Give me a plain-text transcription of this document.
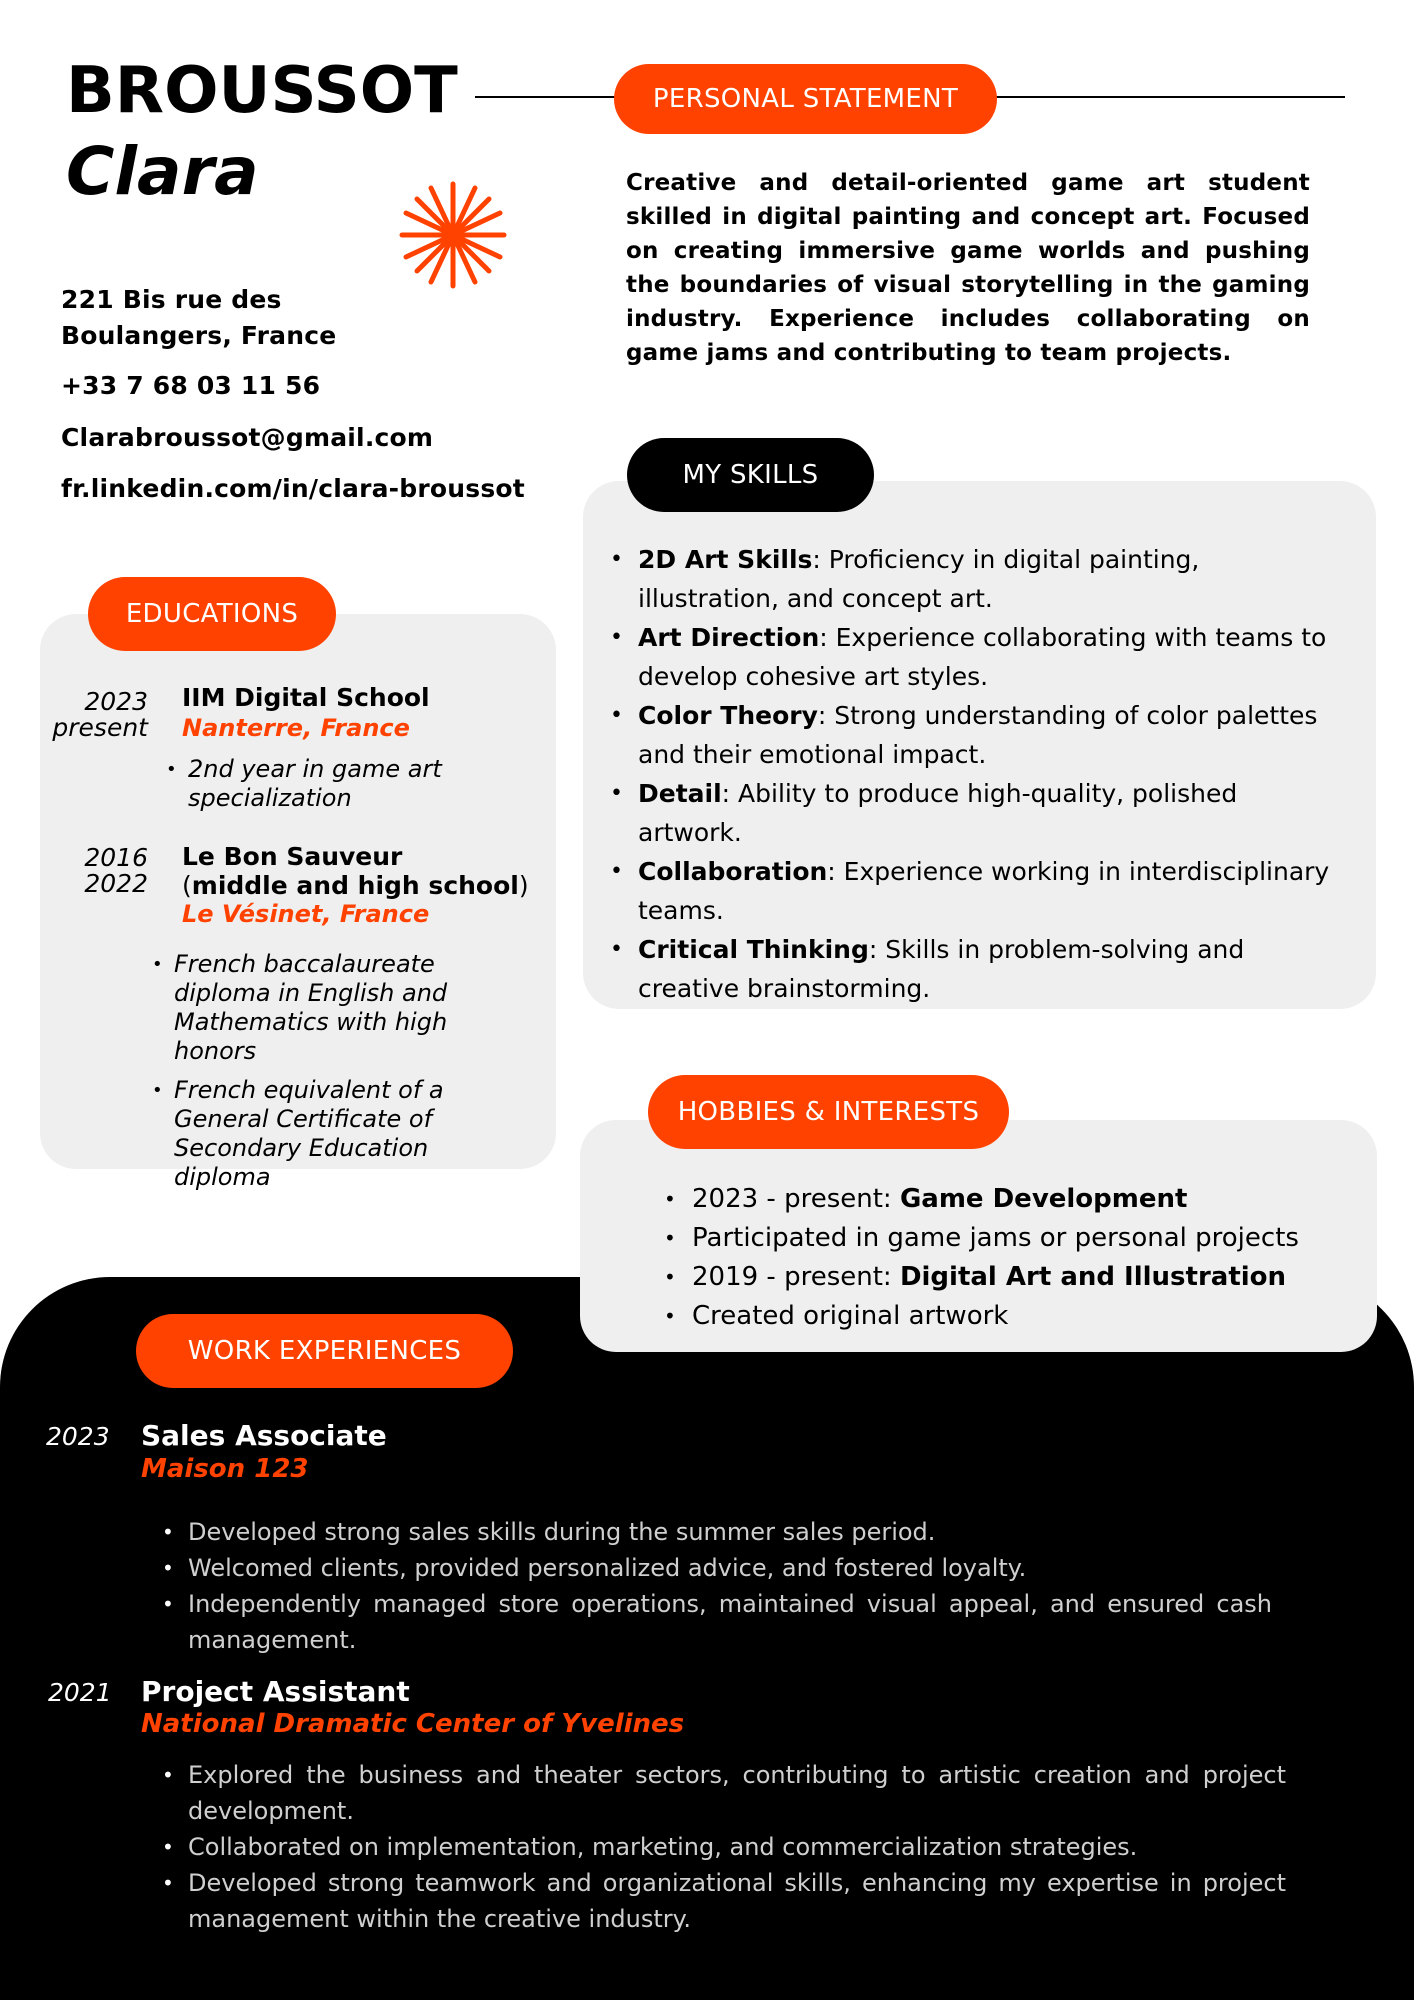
BROUSSOT
Clara
221 Bis rue des Boulangers, France
+33 7 68 03 11 56
Clarabroussot@gmail.com
fr.linkedin.com/in/clara-broussot
PERSONAL STATEMENT
Creative and detail-oriented game art student skilled in digital painting and concept art. Focused on creating immersive game worlds and pushing the boundaries of visual storytelling in the gaming industry. Experience includes collaborating on game jams and contributing to team projects.
MY SKILLS
• 2D Art Skills: Proficiency in digital painting, illustration, and concept art.
• Art Direction: Experience collaborating with teams to develop cohesive art styles.
• Color Theory: Strong understanding of color palettes and their emotional impact.
• Detail: Ability to produce high-quality, polished artwork.
• Collaboration: Experience working in interdisciplinary teams.
• Critical Thinking: Skills in problem-solving and creative brainstorming.
EDUCATIONS
2023
present
IIM Digital School
Nanterre, France
• 2nd year in game art specialization
2016
2022
Le Bon Sauveur
(middle and high school)
Le Vésinet, France
• French baccalaureate diploma in English and Mathematics with high honors
• French equivalent of a General Certificate of Secondary Education diploma
HOBBIES & INTERESTS
• 2023 - present: Game Development
• Participated in game jams or personal projects
• 2019 - present: Digital Art and Illustration
• Created original artwork
WORK EXPERIENCES
2023 Sales Associate
Maison 123
• Developed strong sales skills during the summer sales period.
• Welcomed clients, provided personalized advice, and fostered loyalty.
• Independently managed store operations, maintained visual appeal, and ensured cash management.
2021 Project Assistant
National Dramatic Center of Yvelines
• Explored the business and theater sectors, contributing to artistic creation and project development.
• Collaborated on implementation, marketing, and commercialization strategies.
• Developed strong teamwork and organizational skills, enhancing my expertise in project management within the creative industry.
